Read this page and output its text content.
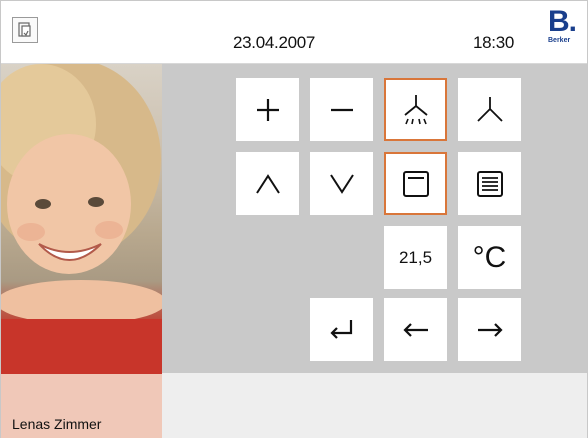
23.04.2007	18:30
B.
Berker
Lenas Zimmer
21,5 °C
